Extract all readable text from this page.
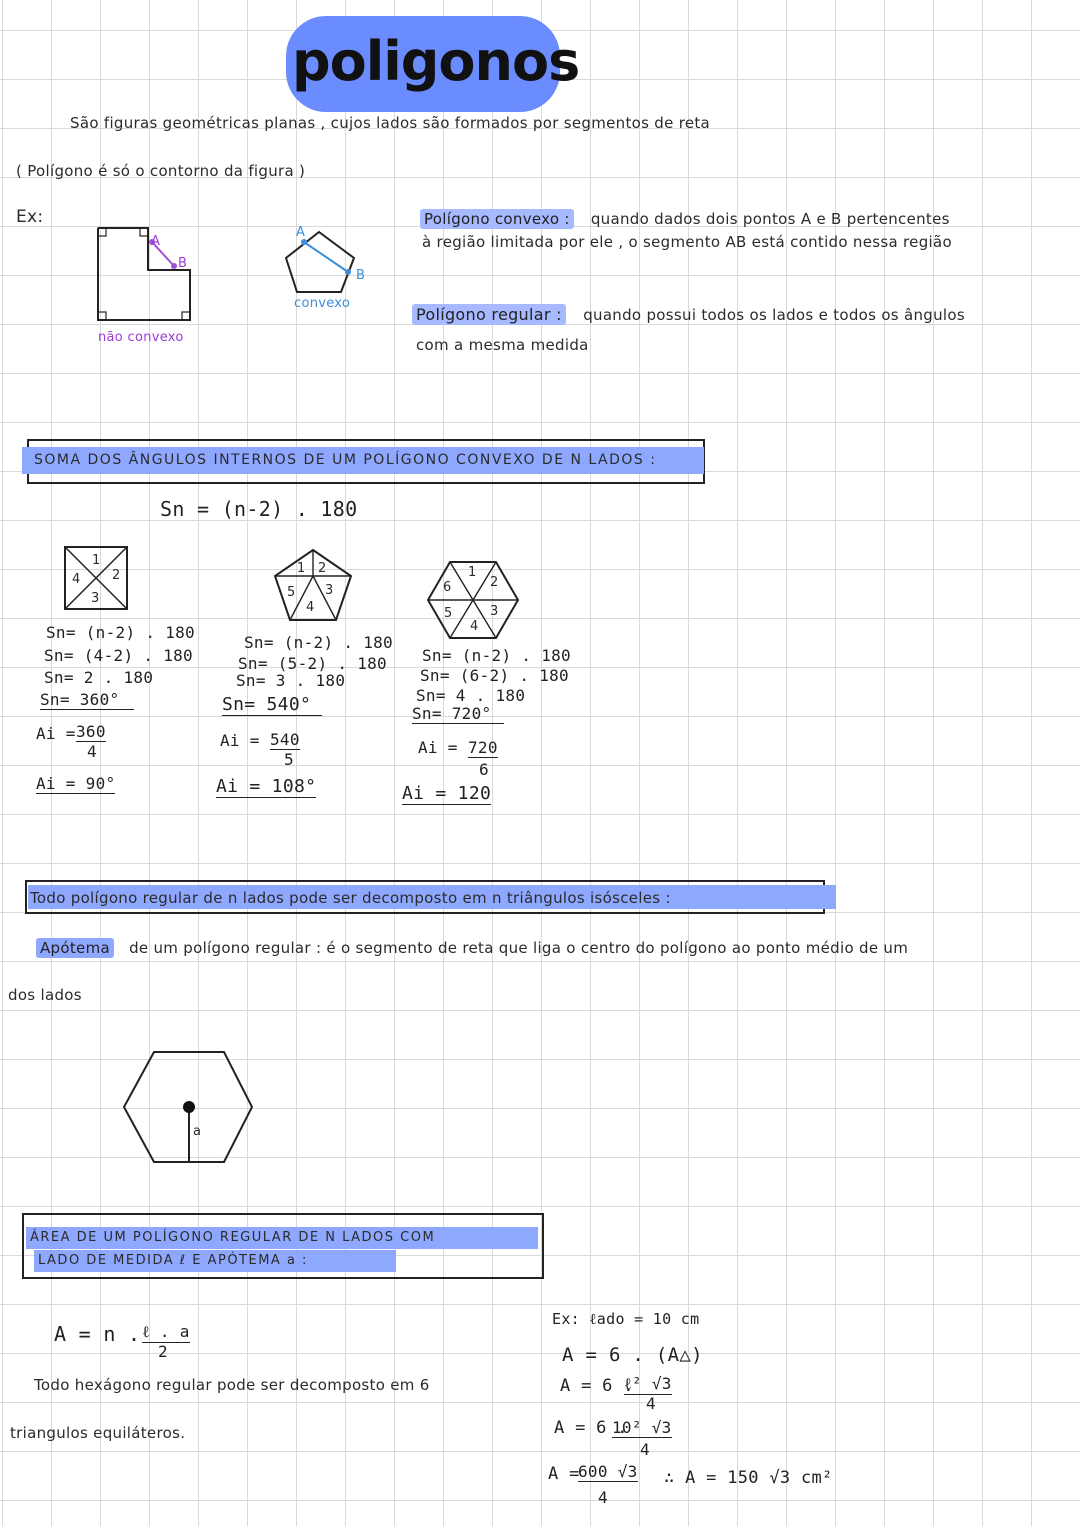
poligonos
São figuras geométricas planas , cujos lados são formados por segmentos de reta
( Polígono é só o contorno da figura )
Ex:
A
B
não convexo
A
B
convexo
Polígono convexo : quando dados dois pontos A e B pertencentes
à região limitada por ele , o segmento AB está contido nessa região
Polígono regular : quando possui todos os lados e todos os ângulos
com a mesma medida
SOMA DOS ÂNGULOS INTERNOS DE UM POLÍGONO CONVEXO DE N LADOS :
Sn = (n-2) . 180
1
2
3
4
Sn= (n-2) . 180
Sn= (4-2) . 180
Sn= 2 . 180
Sn= 360°
Ai = 360
4
Ai = 90°
1 2
3
4
5
Sn= (n-2) . 180
Sn= (5-2) . 180
Sn= 3 . 180
Sn= 540°
Ai = 540
5
Ai = 108°
1
2
3
4
5
6
Sn= (n-2) . 180
Sn= (6-2) . 180
Sn= 4 . 180
Sn= 720°
Ai = 720
6
Ai = 120
Todo polígono regular de n lados pode ser decomposto em n triângulos isósceles :
Apótema de um polígono regular : é o segmento de reta que liga o centro do polígono ao ponto médio de um
dos lados
a
ÁREA DE UM POLÍGONO REGULAR DE N LADOS COM
LADO DE MEDIDA ℓ E APÓTEMA a :
A = n . ℓ . a
2
Todo hexágono regular pode ser decomposto em 6
triangulos equiláteros.
Ex: ℓado = 10 cm
A = 6 . (A△)
A = 6 .
ℓ² √3
4
A = 6 .
10² √3
4
A =
600 √3
4
∴ A = 150 √3 cm²
